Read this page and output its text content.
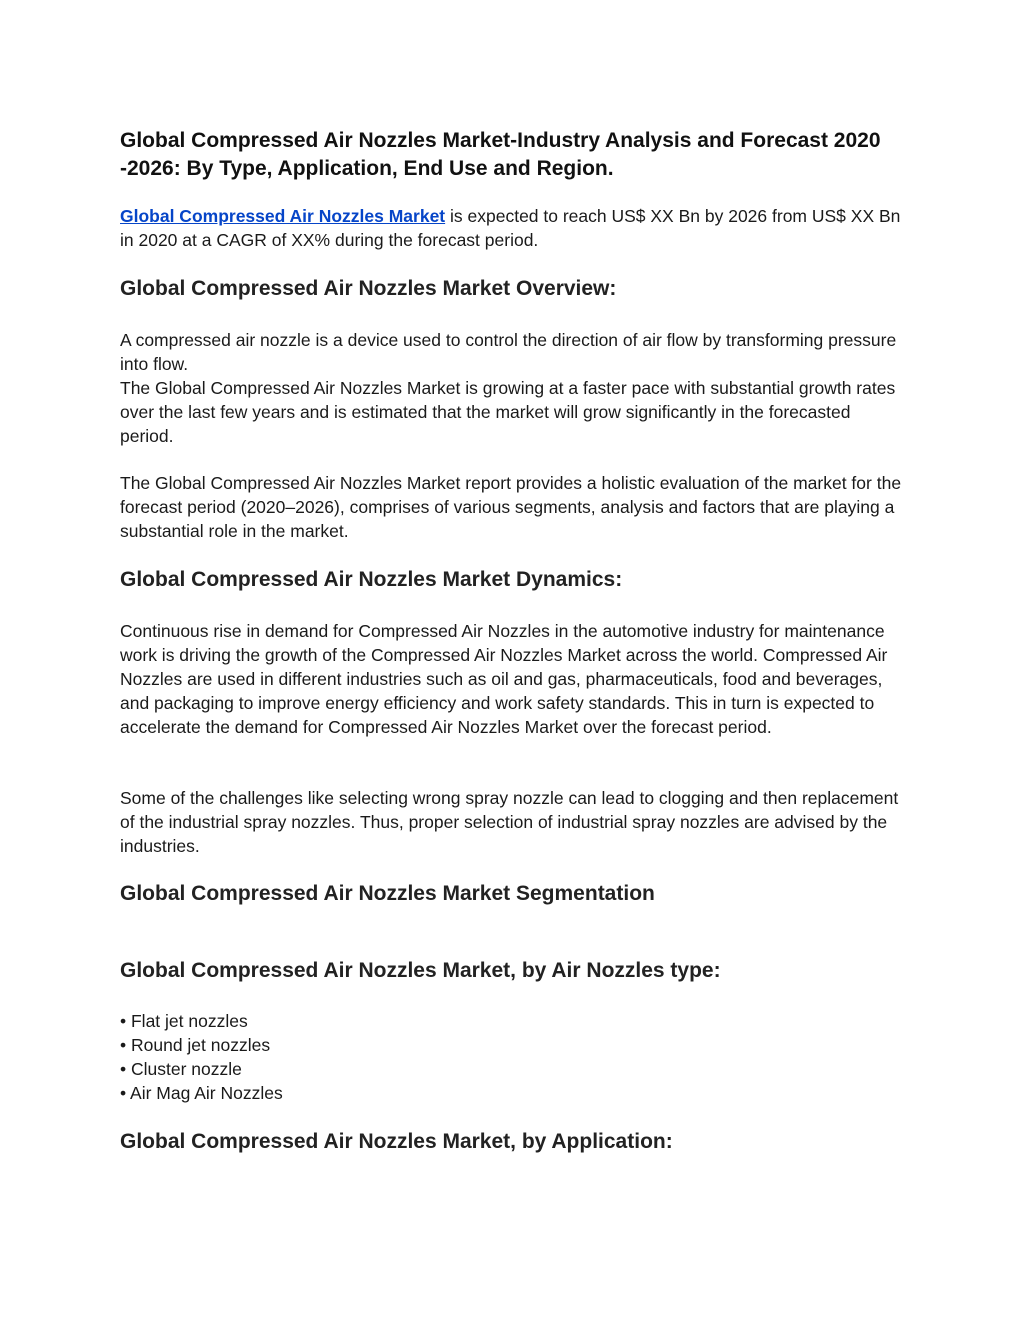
Global Compressed Air Nozzles Market-Industry Analysis and Forecast 2020 -2026: By Type, Application, End Use and Region.

Global Compressed Air Nozzles Market is expected to reach US$ XX Bn by 2026 from US$ XX Bn in 2020 at a CAGR of XX% during the forecast period.

Global Compressed Air Nozzles Market Overview:

A compressed air nozzle is a device used to control the direction of air flow by transforming pressure into flow.

The Global Compressed Air Nozzles Market is growing at a faster pace with substantial growth rates over the last few years and is estimated that the market will grow significantly in the forecasted period.

The Global Compressed Air Nozzles Market report provides a holistic evaluation of the market for the forecast period (2020–2026), comprises of various segments, analysis and factors that are playing a substantial role in the market.

Global Compressed Air Nozzles Market Dynamics:

Continuous rise in demand for Compressed Air Nozzles in the automotive industry for maintenance work is driving the growth of the Compressed Air Nozzles Market across the world. Compressed Air Nozzles are used in different industries such as oil and gas, pharmaceuticals, food and beverages, and packaging to improve energy efficiency and work safety standards. This in turn is expected to accelerate the demand for Compressed Air Nozzles Market over the forecast period.

Some of the challenges like selecting wrong spray nozzle can lead to clogging and then replacement of the industrial spray nozzles. Thus, proper selection of industrial spray nozzles are advised by the industries.

Global Compressed Air Nozzles Market Segmentation
Global Compressed Air Nozzles Market, by Air Nozzles type:
• Flat jet nozzles
• Round jet nozzles
• Cluster nozzle
• Air Mag Air Nozzles
Global Compressed Air Nozzles Market, by Application:
